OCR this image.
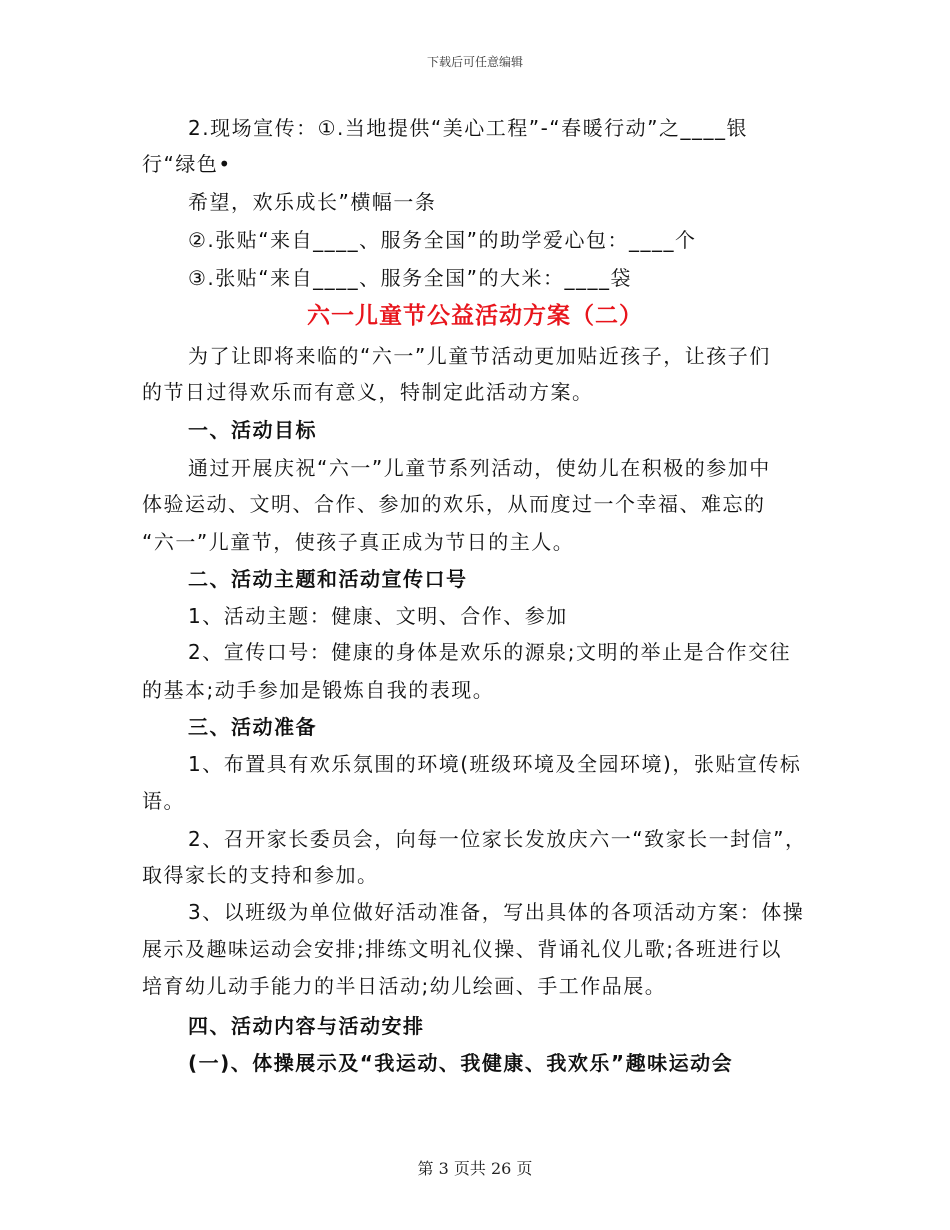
下载后可任意编辑
2.现场宣传：①.当地提供“美心工程”-“春暖行动”之____银
行“绿色•
希望，欢乐成长”横幅一条
②.张贴“来自____、服务全国”的助学爱心包：____个
③.张贴“来自____、服务全国”的大米：____袋
六一儿童节公益活动方案（二）
为了让即将来临的“六一”儿童节活动更加贴近孩子，让孩子们
的节日过得欢乐而有意义，特制定此活动方案。
一、活动目标
通过开展庆祝“六一”儿童节系列活动，使幼儿在积极的参加中
体验运动、文明、合作、参加的欢乐，从而度过一个幸福、难忘的
“六一”儿童节，使孩子真正成为节日的主人。
二、活动主题和活动宣传口号
1、活动主题：健康、文明、合作、参加
2、宣传口号：健康的身体是欢乐的源泉;文明的举止是合作交往
的基本;动手参加是锻炼自我的表现。
三、活动准备
1、布置具有欢乐氛围的环境(班级环境及全园环境)，张贴宣传标
语。
2、召开家长委员会，向每一位家长发放庆六一“致家长一封信”，
取得家长的支持和参加。
3、以班级为单位做好活动准备，写出具体的各项活动方案：体操
展示及趣味运动会安排;排练文明礼仪操、背诵礼仪儿歌;各班进行以
培育幼儿动手能力的半日活动;幼儿绘画、手工作品展。
四、活动内容与活动安排
(一)、体操展示及“我运动、我健康、我欢乐”趣味运动会
第 3 页共 26 页
